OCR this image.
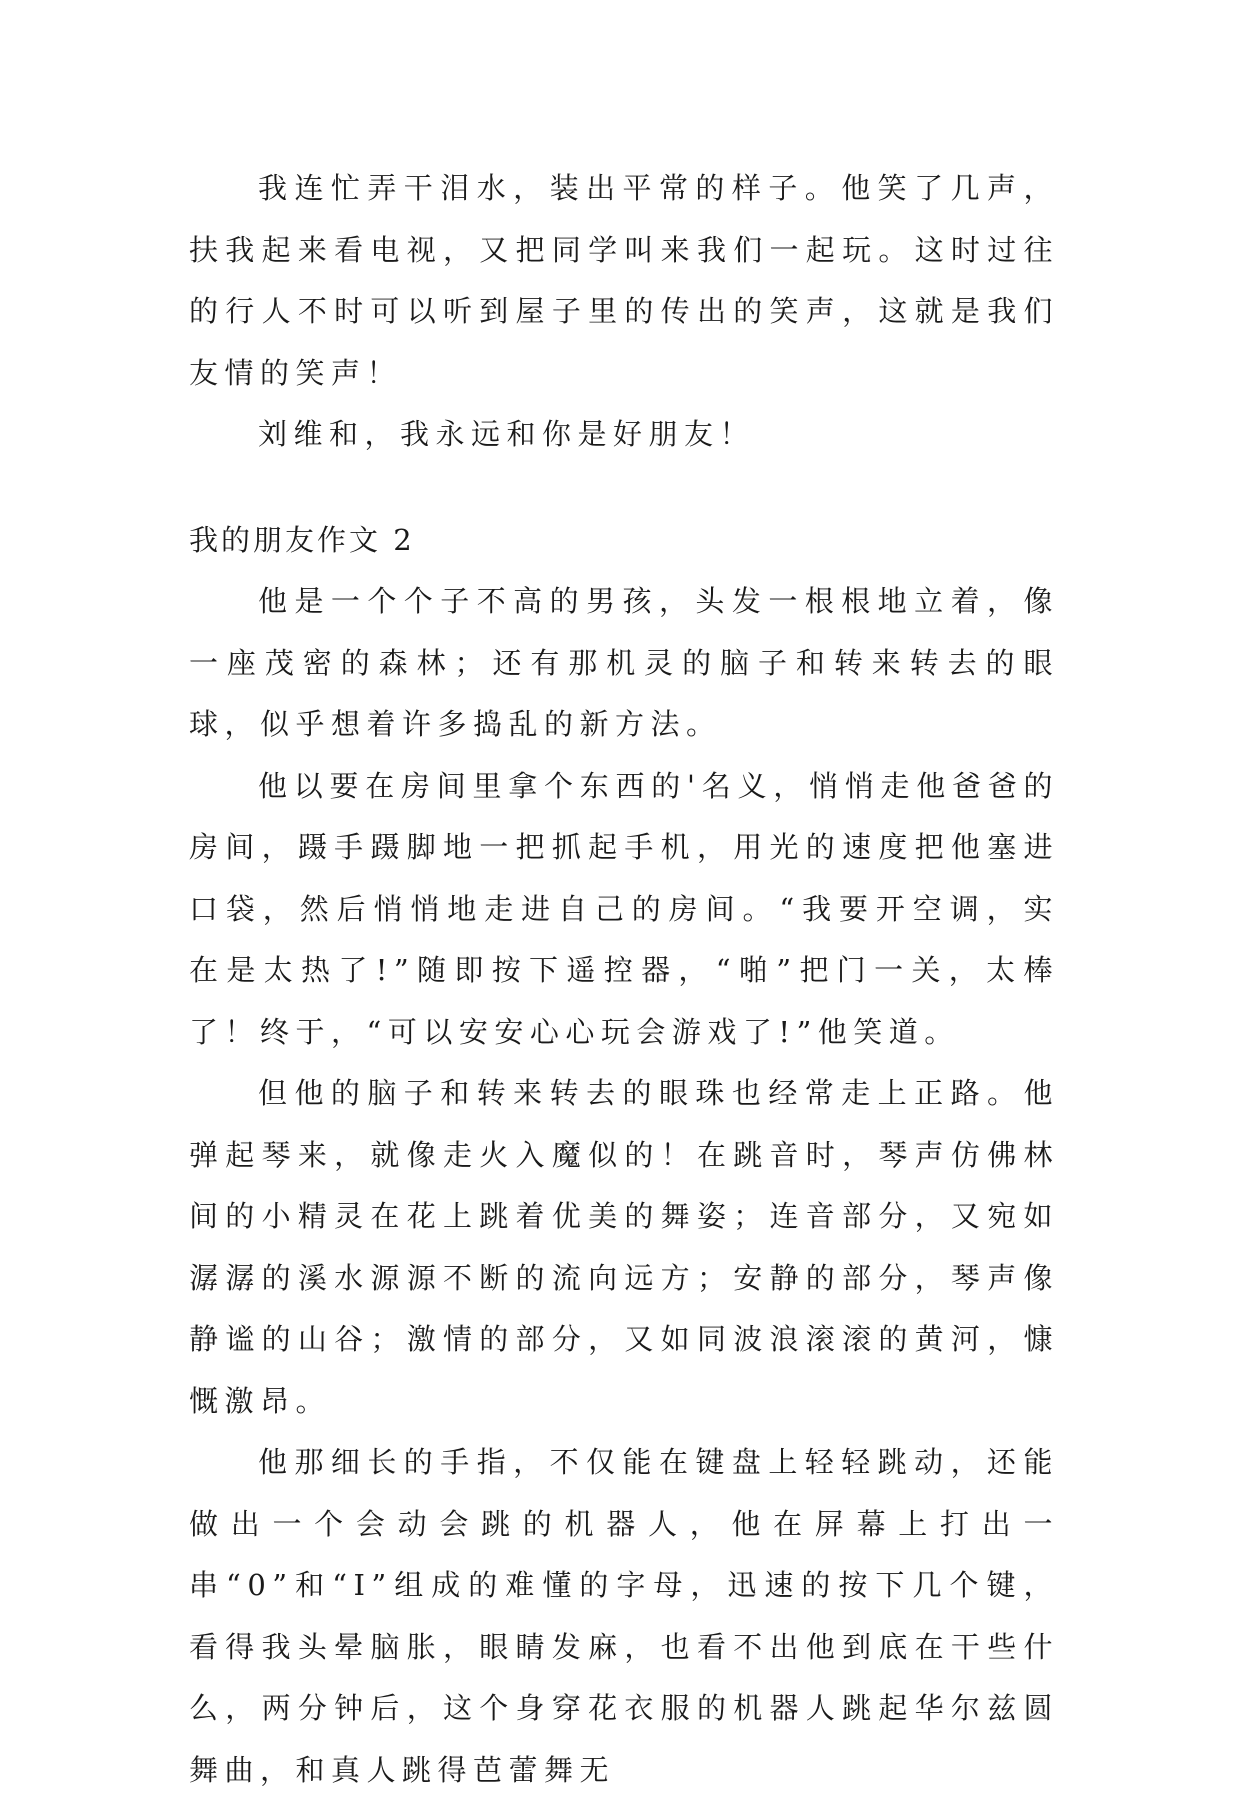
我连忙弄干泪水，装出平常的样子。他笑了几声，扶我起来看电视，又把同学叫来我们一起玩。这时过往的行人不时可以听到屋子里的传出的笑声，这就是我们友情的笑声！

刘维和，我永远和你是好朋友！

我的朋友作文 2

他是一个个子不高的男孩，头发一根根地立着，像一座茂密的森林；还有那机灵的脑子和转来转去的眼球，似乎想着许多捣乱的新方法。

他以要在房间里拿个东西的'名义，悄悄走他爸爸的房间，蹑手蹑脚地一把抓起手机，用光的速度把他塞进口袋，然后悄悄地走进自己的房间。“我要开空调，实在是太热了!”随即按下遥控器，“啪”把门一关，太棒了！终于，“可以安安心心玩会游戏了!”他笑道。

但他的脑子和转来转去的眼珠也经常走上正路。他弹起琴来，就像走火入魔似的！在跳音时，琴声仿佛林间的小精灵在花上跳着优美的舞姿；连音部分，又宛如潺潺的溪水源源不断的流向远方；安静的部分，琴声像静谧的山谷；激情的部分，又如同波浪滚滚的黄河，慷慨激昂。

他那细长的手指，不仅能在键盘上轻轻跳动，还能做出一个会动会跳的机器人，他在屏幕上打出一串“0”和“I”组成的难懂的字母，迅速的按下几个键，看得我头晕脑胀，眼睛发麻，也看不出他到底在干些什么，两分钟后，这个身穿花衣服的机器人跳起华尔兹圆舞曲，和真人跳得芭蕾舞无
